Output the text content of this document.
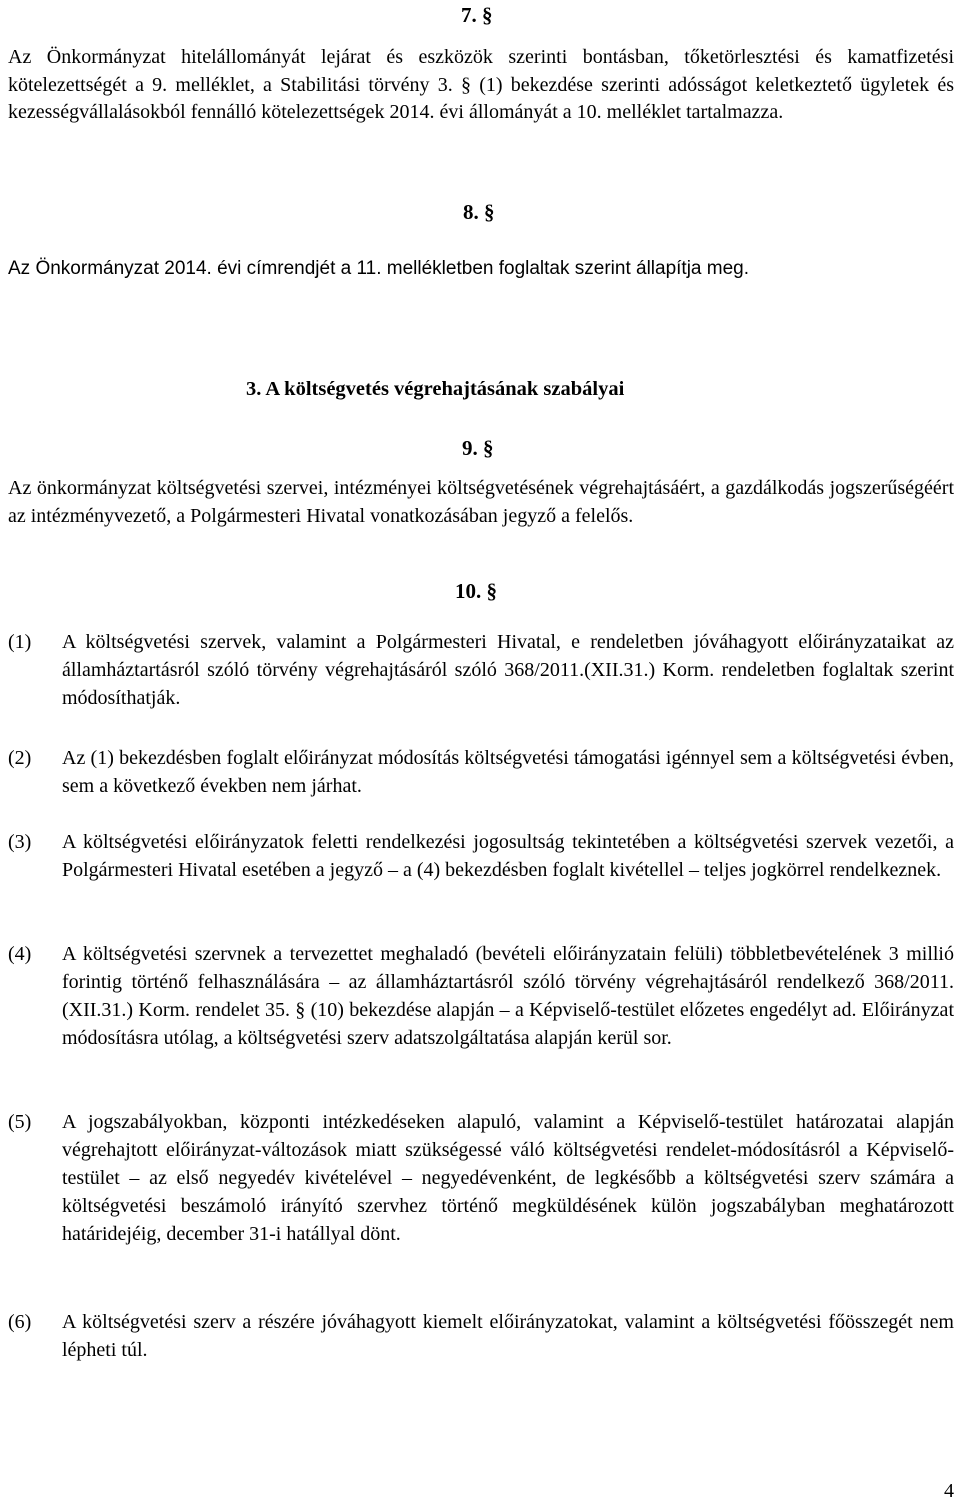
7. §
Az Önkormányzat hitelállományát lejárat és eszközök szerinti bontásban, tőketörlesztési és kamatfizetési kötelezettségét a 9. melléklet, a Stabilitási törvény 3. § (1) bekezdése szerinti adósságot keletkeztető ügyletek és kezességvállalásokból fennálló kötelezettségek 2014. évi állományát a 10. melléklet tartalmazza.
8. §
Az Önkormányzat 2014. évi címrendjét a 11. mellékletben foglaltak szerint állapítja meg.
3. A költségvetés végrehajtásának szabályai
9. §
Az önkormányzat költségvetési szervei, intézményei költségvetésének végrehajtásáért, a gazdálkodás jogszerűségéért az intézményvezető, a Polgármesteri Hivatal vonatkozásában jegyző a felelős.
10. §
(1) A költségvetési szervek, valamint a Polgármesteri Hivatal, e rendeletben jóváhagyott előirányzataikat az államháztartásról szóló törvény végrehajtásáról szóló 368/2011.(XII.31.) Korm. rendeletben foglaltak szerint módosíthatják.
(2) Az (1) bekezdésben foglalt előirányzat módosítás költségvetési támogatási igénnyel sem a költségvetési évben, sem a következő években nem járhat.
(3) A költségvetési előirányzatok feletti rendelkezési jogosultság tekintetében a költségvetési szervek vezetői, a Polgármesteri Hivatal esetében a jegyző – a (4) bekezdésben foglalt kivétellel – teljes jogkörrel rendelkeznek.
(4) A költségvetési szervnek a tervezettet meghaladó (bevételi előirányzatain felüli) többletbevételének 3 millió forintig történő felhasználására – az államháztartásról szóló törvény végrehajtásáról rendelkező 368/2011. (XII.31.) Korm. rendelet 35. § (10) bekezdése alapján – a Képviselő-testület előzetes engedélyt ad. Előirányzat módosításra utólag, a költségvetési szerv adatszolgáltatása alapján kerül sor.
(5) A jogszabályokban, központi intézkedéseken alapuló, valamint a Képviselő-testület határozatai alapján végrehajtott előirányzat-változások miatt szükségessé váló költségvetési rendelet-módosításról a Képviselő-testület – az első negyedév kivételével – negyedévenként, de legkésőbb a költségvetési szerv számára a költségvetési beszámoló irányító szervhez történő megküldésének külön jogszabályban meghatározott határidejéig, december 31-i hatállyal dönt.
(6) A költségvetési szerv a részére jóváhagyott kiemelt előirányzatokat, valamint a költségvetési főösszegét nem lépheti túl.
4
